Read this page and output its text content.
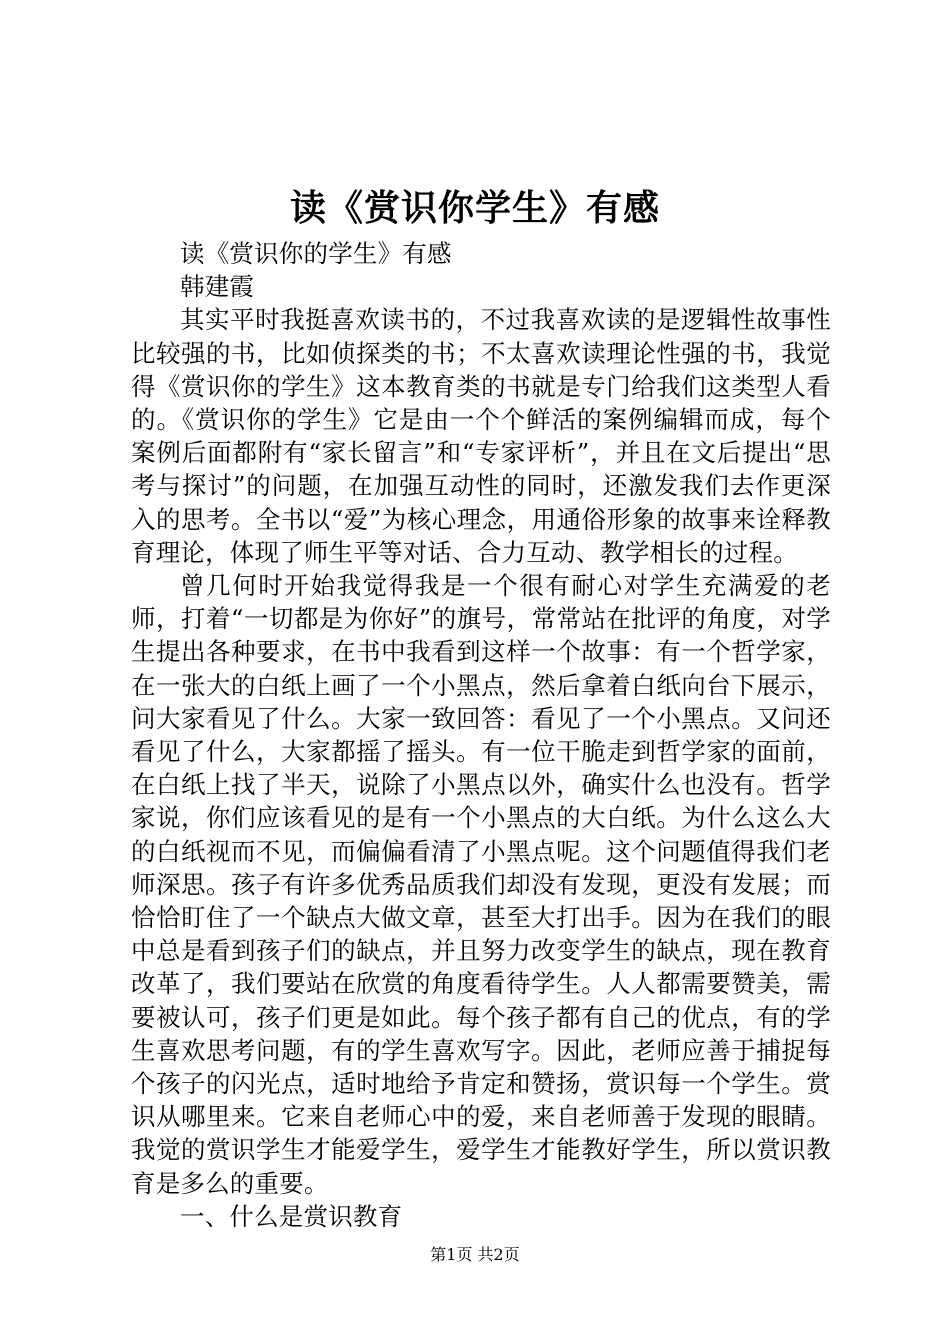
读《赏识你学生》有感

读《赏识你的学生》有感

韩建霞

其实平时我挺喜欢读书的，不过我喜欢读的是逻辑性故事性比较强的书，比如侦探类的书；不太喜欢读理论性强的书，我觉得《赏识你的学生》这本教育类的书就是专门给我们这类型人看的。《赏识你的学生》它是由一个个鲜活的案例编辑而成，每个案例后面都附有“家长留言”和“专家评析”，并且在文后提出“思考与探讨”的问题，在加强互动性的同时，还激发我们去作更深入的思考。全书以“爱”为核心理念，用通俗形象的故事来诠释教育理论，体现了师生平等对话、合力互动、教学相长的过程。

曾几何时开始我觉得我是一个很有耐心对学生充满爱的老师，打着“一切都是为你好”的旗号，常常站在批评的角度，对学生提出各种要求，在书中我看到这样一个故事：有一个哲学家，在一张大的白纸上画了一个小黑点，然后拿着白纸向台下展示，问大家看见了什么。大家一致回答：看见了一个小黑点。又问还看见了什么，大家都摇了摇头。有一位干脆走到哲学家的面前，在白纸上找了半天，说除了小黑点以外，确实什么也没有。哲学家说，你们应该看见的是有一个小黑点的大白纸。为什么这么大的白纸视而不见，而偏偏看清了小黑点呢。这个问题值得我们老师深思。孩子有许多优秀品质我们却没有发现，更没有发展；而恰恰盯住了一个缺点大做文章，甚至大打出手。因为在我们的眼中总是看到孩子们的缺点，并且努力改变学生的缺点，现在教育改革了，我们要站在欣赏的角度看待学生。人人都需要赞美，需要被认可，孩子们更是如此。每个孩子都有自己的优点，有的学生喜欢思考问题，有的学生喜欢写字。因此，老师应善于捕捉每个孩子的闪光点，适时地给予肯定和赞扬，赏识每一个学生。赏识从哪里来。它来自老师心中的爱，来自老师善于发现的眼睛。我觉的赏识学生才能爱学生，爱学生才能教好学生，所以赏识教育是多么的重要。

一、什么是赏识教育

第1页 共2页
